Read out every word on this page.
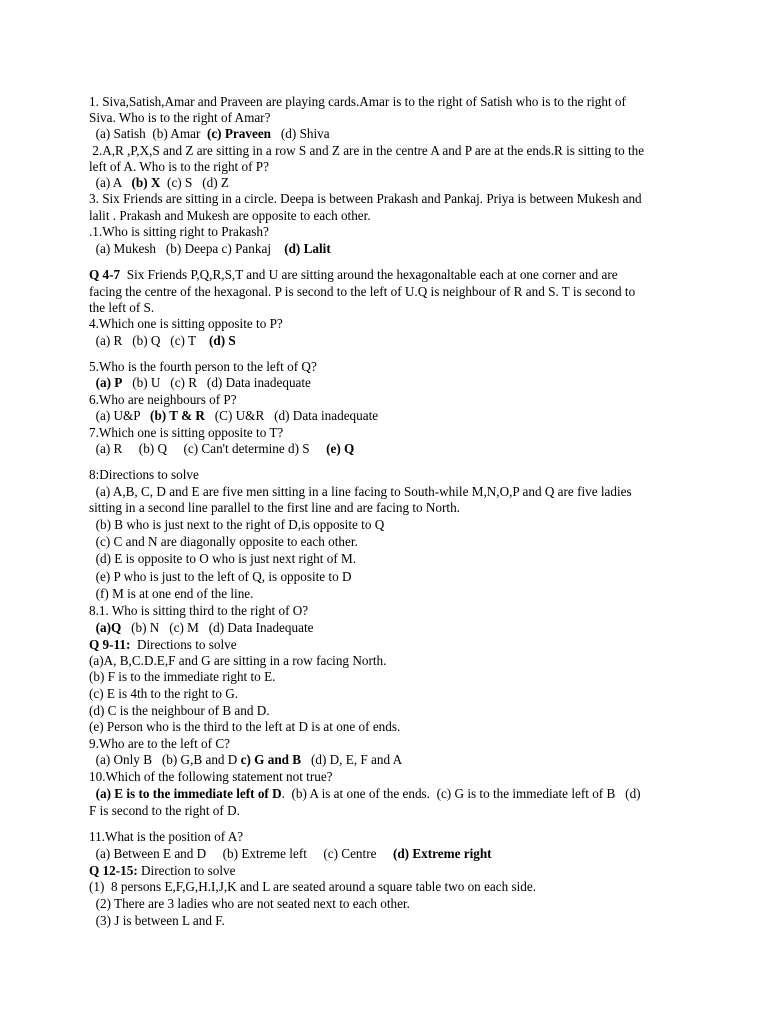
1. Siva,Satish,Amar and Praveen are playing cards.Amar is to the right of Satish who is to the right of
Siva. Who is to the right of Amar?
(a) Satish  (b) Amar  (c) Praveen   (d) Shiva
2.A,R ,P,X,S and Z are sitting in a row S and Z are in the centre A and P are at the ends.R is sitting to the
left of A. Who is to the right of P?
(a) A   (b) X  (c) S   (d) Z
3. Six Friends are sitting in a circle. Deepa is between Prakash and Pankaj. Priya is between Mukesh and
lalit . Prakash and Mukesh are opposite to each other.
.1.Who is sitting right to Prakash?
(a) Mukesh   (b) Deepa c) Pankaj    (d) Lalit
Q 4-7  Six Friends P,Q,R,S,T and U are sitting around the hexagonaltable each at one corner and are
facing the centre of the hexagonal. P is second to the left of U.Q is neighbour of R and S. T is second to
the left of S.
4.Which one is sitting opposite to P?
(a) R   (b) Q   (c) T    (d) S
5.Who is the fourth person to the left of Q?
(a) P   (b) U   (c) R   (d) Data inadequate
6.Who are neighbours of P?
(a) U&P   (b) T & R   (C) U&R   (d) Data inadequate
7.Which one is sitting opposite to T?
(a) R     (b) Q     (c) Can't determine d) S     (e) Q
8:Directions to solve
(a) A,B, C, D and E are five men sitting in a line facing to South-while M,N,O,P and Q are five ladies
sitting in a second line parallel to the first line and are facing to North.
(b) B who is just next to the right of D,is opposite to Q
(c) C and N are diagonally opposite to each other.
(d) E is opposite to O who is just next right of M.
(e) P who is just to the left of Q, is opposite to D
(f) M is at one end of the line.
8.1. Who is sitting third to the right of O?
(a)Q   (b) N   (c) M   (d) Data Inadequate
Q 9-11:  Directions to solve
(a)A, B,C.D.E,F and G are sitting in a row facing North.
(b) F is to the immediate right to E.
(c) E is 4th to the right to G.
(d) C is the neighbour of B and D.
(e) Person who is the third to the left at D is at one of ends.
9.Who are to the left of C?
(a) Only B   (b) G,B and D c) G and B   (d) D, E, F and A
10.Which of the following statement not true?
(a) E is to the immediate left of D.  (b) A is at one of the ends.  (c) G is to the immediate left of B   (d)
F is second to the right of D.
11.What is the position of A?
(a) Between E and D     (b) Extreme left     (c) Centre     (d) Extreme right
Q 12-15: Direction to solve
(1)  8 persons E,F,G,H.I,J,K and L are seated around a square table two on each side.
(2) There are 3 ladies who are not seated next to each other.
(3) J is between L and F.
